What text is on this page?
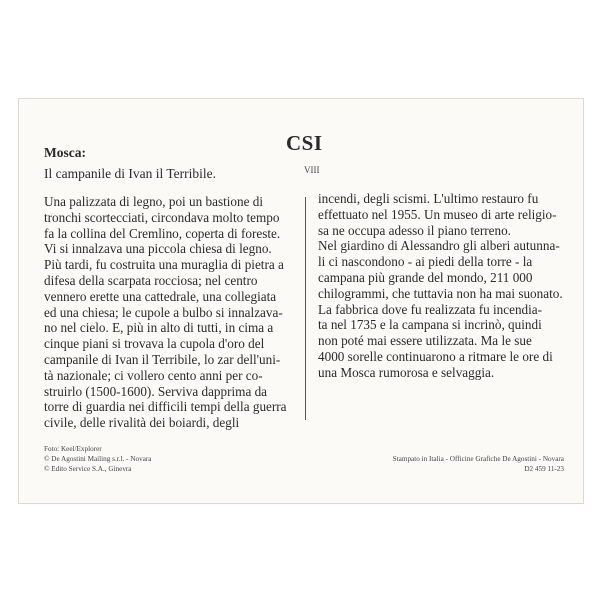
CSI
VIII
Mosca:
Il campanile di Ivan il Terribile.
Una palizzata di legno, poi un bastione di
tronchi scortecciati, circondava molto tempo
fa la collina del Cremlino, coperta di foreste.
Vi si innalzava una piccola chiesa di legno.
Più tardi, fu costruita una muraglia di pietra a
difesa della scarpata rocciosa; nel centro
vennero erette una cattedrale, una collegiata
ed una chiesa; le cupole a bulbo si innalzava-
no nel cielo. E, più in alto di tutti, in cima a
cinque piani si trovava la cupola d'oro del
campanile di Ivan il Terribile, lo zar dell'uni-
tà nazionale; ci vollero cento anni per co-
struirlo (1500-1600). Serviva dapprima da
torre di guardia nei difficili tempi della guerra
civile, delle rivalità dei boiardi, degli
incendi, degli scismi. L'ultimo restauro fu
effettuato nel 1955. Un museo di arte religio-
sa ne occupa adesso il piano terreno.
Nel giardino di Alessandro gli alberi autunna-
li ci nascondono - ai piedi della torre - la
campana più grande del mondo, 211 000
chilogrammi, che tuttavia non ha mai suonato.
La fabbrica dove fu realizzata fu incendia-
ta nel 1735 e la campana si incrinò, quindi
non poté mai essere utilizzata. Ma le sue
4000 sorelle continuarono a ritmare le ore di
una Mosca rumorosa e selvaggia.
Foto: Keel/Explorer
© De Agostini Mailing s.r.l. - Novara
© Edito Service S.A., Ginevra
Stampato in Italia - Officine Grafiche De Agostini - Novara
D2 459 11-23
